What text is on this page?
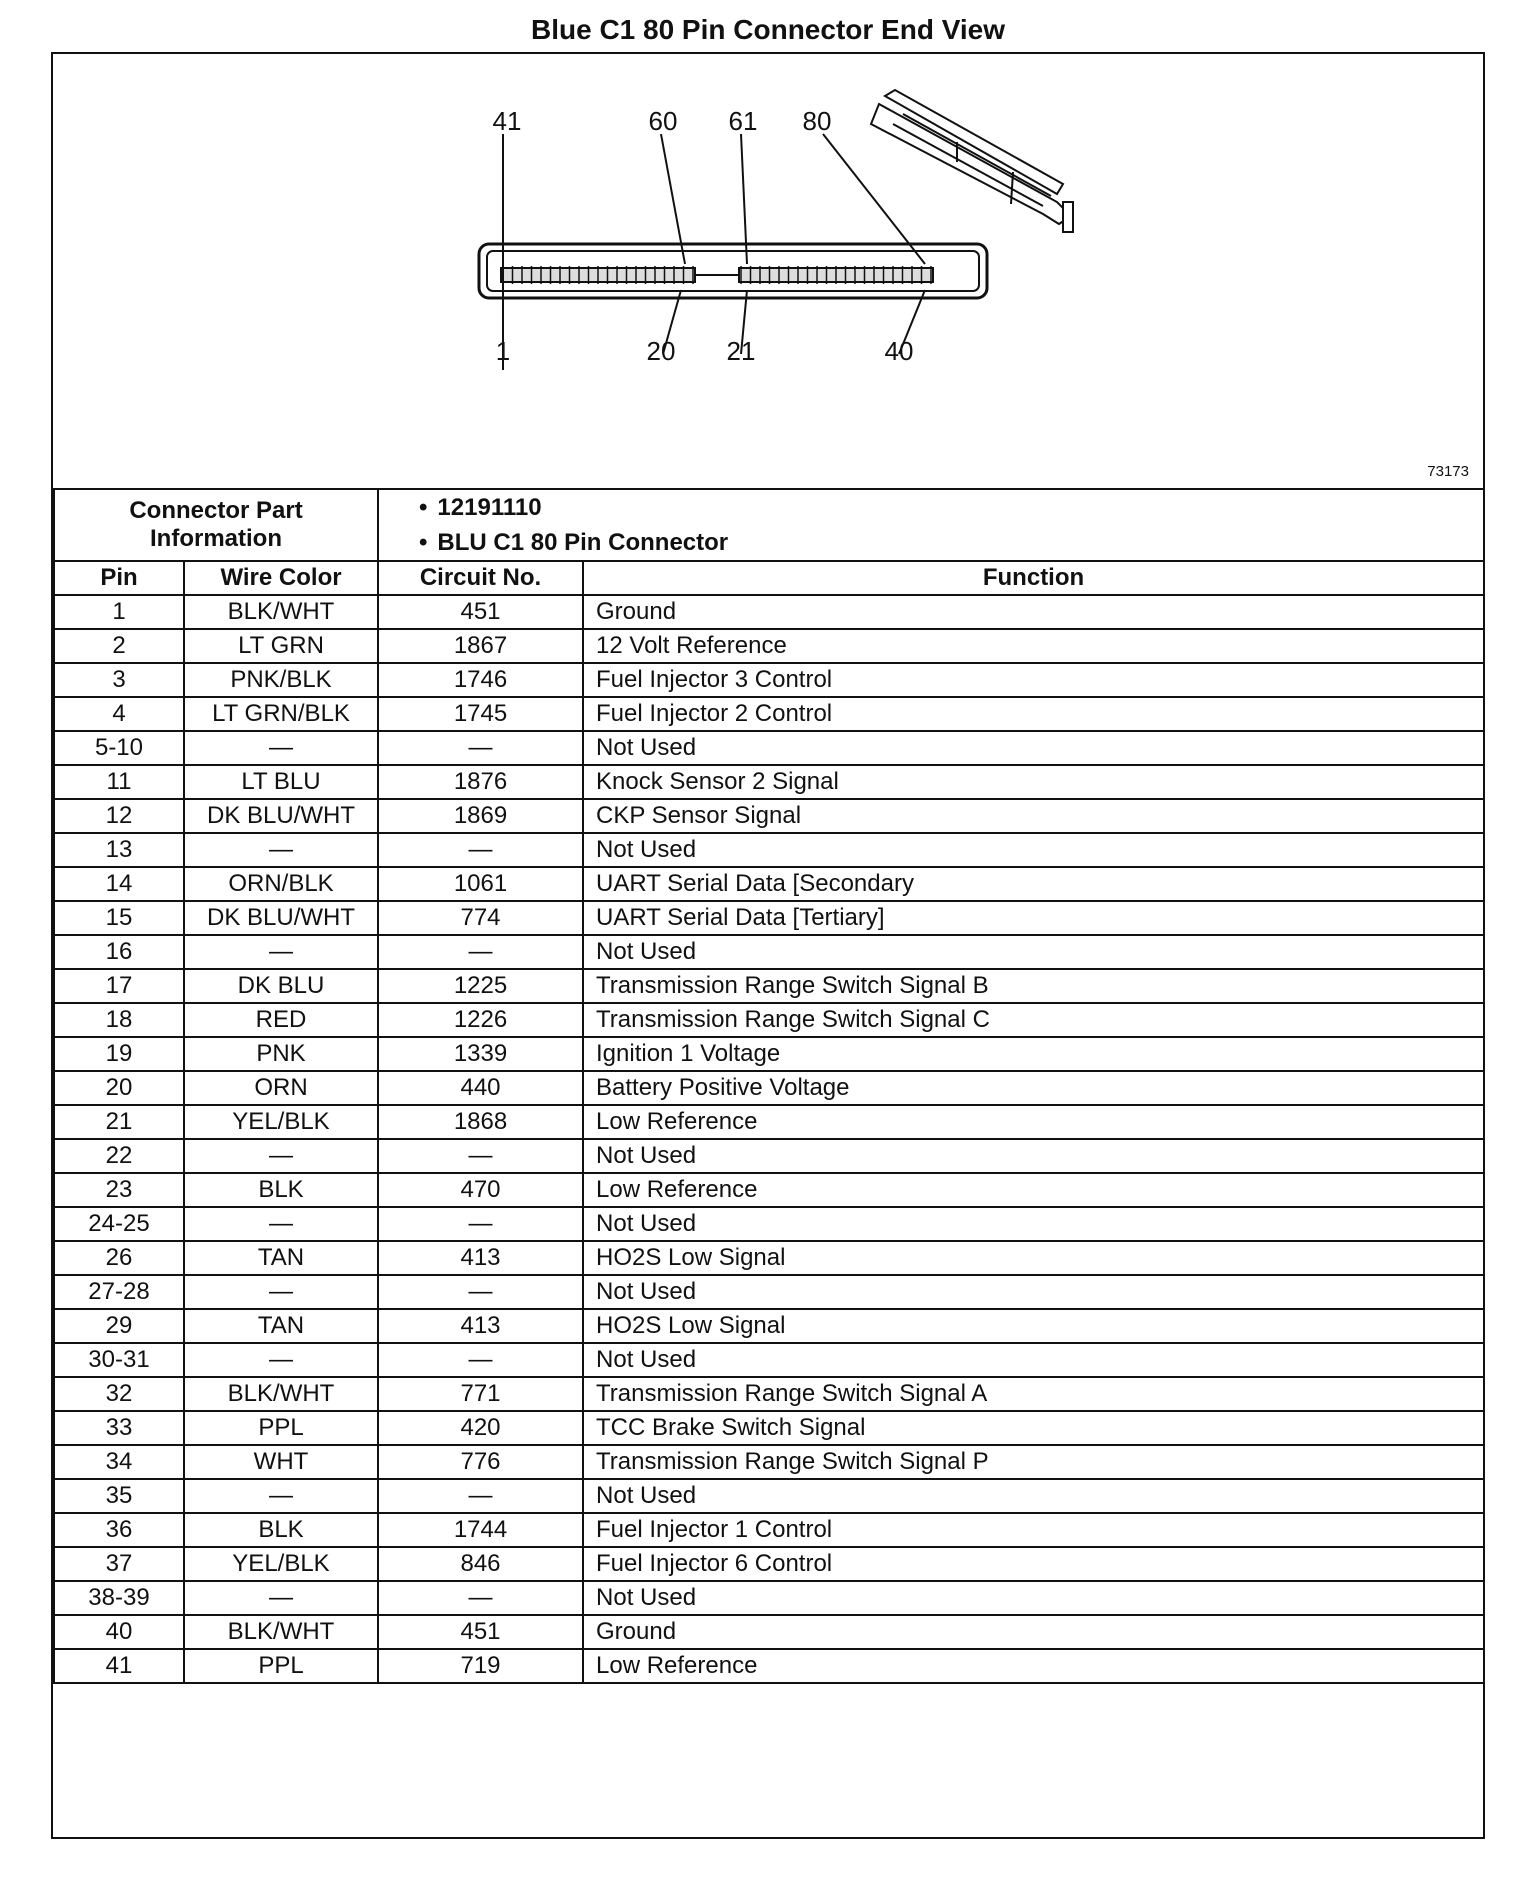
Blue C1 80 Pin Connector End View
41	60 61 80
1	20 21	40
73173
Connector Part Information		• 12191110
• BLU C1 80 Pin Connector

Pin	Wire Color	Circuit No.	Function
1	BLK/WHT	451	Ground
2	LT GRN	1867	12 Volt Reference
3	PNK/BLK	1746	Fuel Injector 3 Control
4	LT GRN/BLK	1745	Fuel Injector 2 Control
5-10	—	—	Not Used
11	LT BLU	1876	Knock Sensor 2 Signal
12	DK BLU/WHT	1869	CKP Sensor Signal
13	—	—	Not Used
14	ORN/BLK	1061	UART Serial Data [Secondary
15	DK BLU/WHT	774	UART Serial Data [Tertiary]
16	—	—	Not Used
17	DK BLU	1225	Transmission Range Switch Signal B
18	RED	1226	Transmission Range Switch Signal C
19	PNK	1339	Ignition 1 Voltage
20	ORN	440	Battery Positive Voltage
21	YEL/BLK	1868	Low Reference
22	—	—	Not Used
23	BLK	470	Low Reference
24-25	—	—	Not Used
26	TAN	413	HO2S Low Signal
27-28	—	—	Not Used
29	TAN	413	HO2S Low Signal
30-31	—	—	Not Used
32	BLK/WHT	771	Transmission Range Switch Signal A
33	PPL	420	TCC Brake Switch Signal
34	WHT	776	Transmission Range Switch Signal P
35	—	—	Not Used
36	BLK	1744	Fuel Injector 1 Control
37	YEL/BLK	846	Fuel Injector 6 Control
38-39	—	—	Not Used
40	BLK/WHT	451	Ground
41	PPL	719	Low Reference
